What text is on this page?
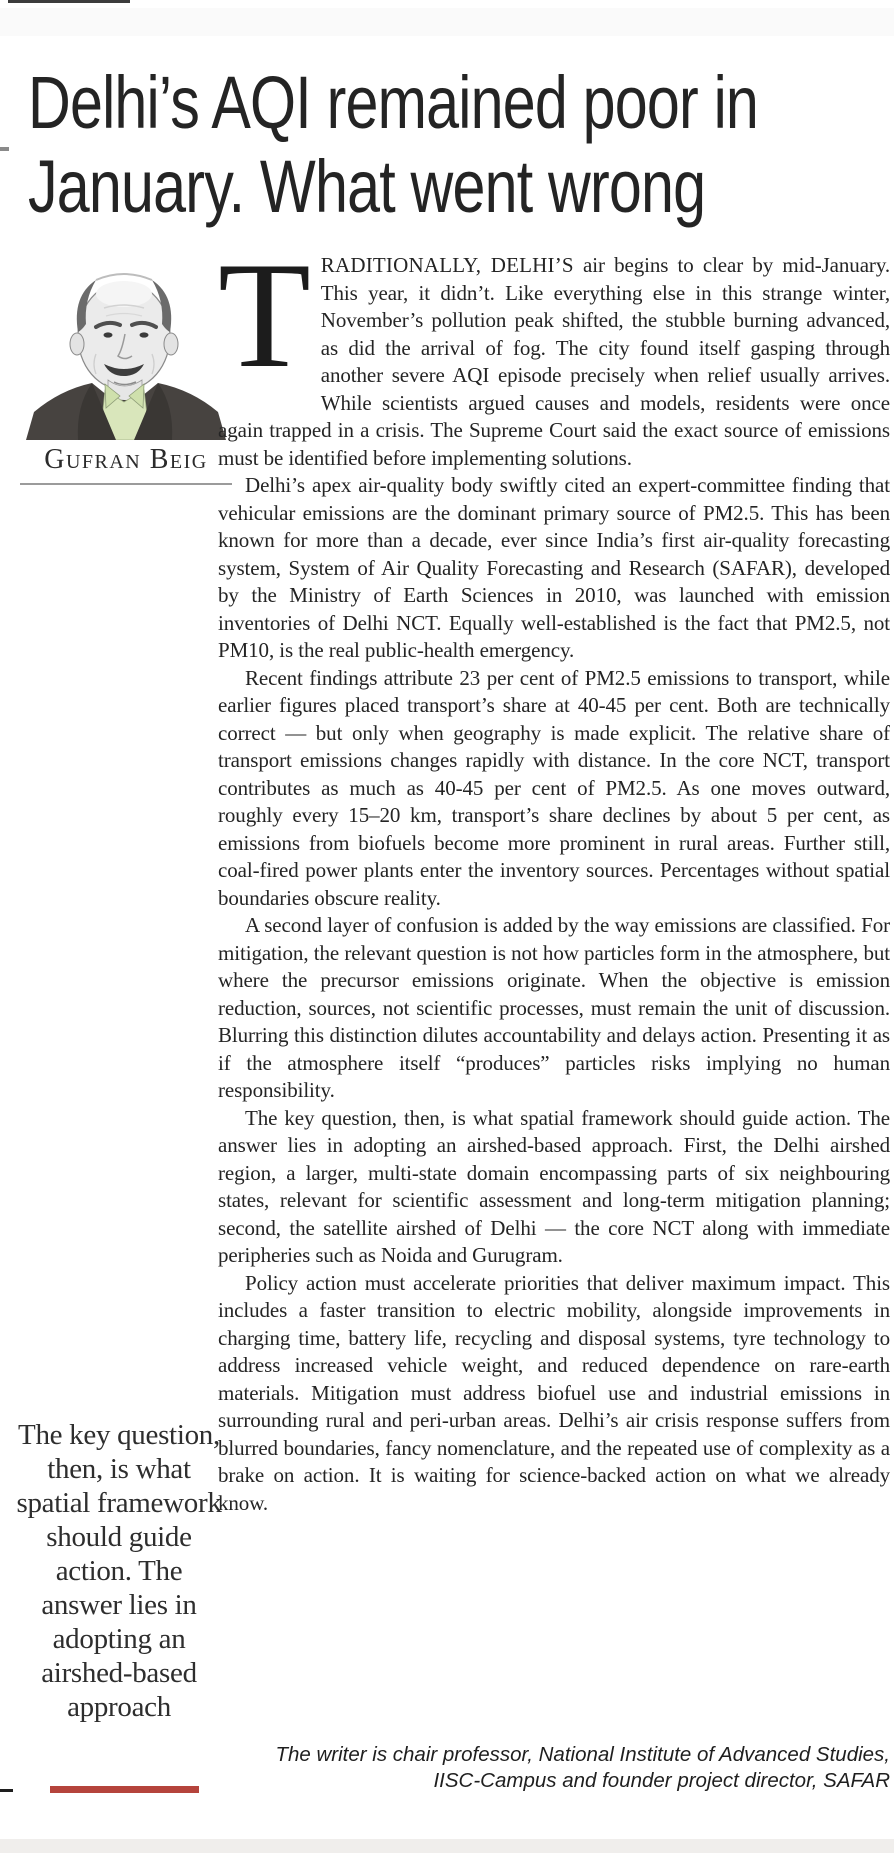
Delhi’s AQI remained poor in
January. What went wrong
Gufran Beig

TRADITIONALLY, DELHI’S air begins to clear by mid-January. This year, it didn’t. Like everything else in this strange winter, November’s pollution peak shifted, the stubble burning advanced, as did the arrival of fog. The city found itself gasping through another severe AQI episode precisely when relief usually arrives. While scientists argued causes and models, residents were once again trapped in a crisis. The Supreme Court said the exact source of emissions must be identified before implementing solutions.

Delhi’s apex air-quality body swiftly cited an expert-committee finding that vehicular emissions are the dominant primary source of PM2.5. This has been known for more than a decade, ever since India’s first air-quality forecasting system, System of Air Quality Forecasting and Research (SAFAR), developed by the Ministry of Earth Sciences in 2010, was launched with emission inventories of Delhi NCT. Equally well-established is the fact that PM2.5, not PM10, is the real public-health emergency.

Recent findings attribute 23 per cent of PM2.5 emissions to transport, while earlier figures placed transport’s share at 40-45 per cent. Both are technically correct — but only when geography is made explicit. The relative share of transport emissions changes rapidly with distance. In the core NCT, transport contributes as much as 40-45 per cent of PM2.5. As one moves outward, roughly every 15–20 km, transport’s share declines by about 5 per cent, as emissions from biofuels become more prominent in rural areas. Further still, coal-fired power plants enter the inventory sources. Percentages without spatial boundaries obscure reality.

A second layer of confusion is added by the way emissions are classified. For mitigation, the relevant question is not how particles form in the atmosphere, but where the precursor emissions originate. When the objective is emission reduction, sources, not scientific processes, must remain the unit of discussion. Blurring this distinction dilutes accountability and delays action. Presenting it as if the atmosphere itself “produces” particles risks implying no human responsibility.

The key question, then, is what spatial framework should guide action. The answer lies in adopting an airshed-based approach. First, the Delhi airshed region, a larger, multi-state domain encompassing parts of six neighbouring states, relevant for scientific assessment and long-term mitigation planning; second, the satellite airshed of Delhi — the core NCT along with immediate peripheries such as Noida and Gurugram.

Policy action must accelerate priorities that deliver maximum impact. This includes a faster transition to electric mobility, alongside improvements in charging time, battery life, recycling and disposal systems, tyre technology to address increased vehicle weight, and reduced dependence on rare-earth materials. Mitigation must address biofuel use and industrial emissions in surrounding rural and peri-urban areas. Delhi’s air crisis response suffers from blurred boundaries, fancy nomenclature, and the repeated use of complexity as a brake on action. It is waiting for science-backed action on what we already know.

The key question, then, is what spatial framework should guide action. The answer lies in adopting an airshed-based approach
The writer is chair professor, National Institute of Advanced Studies,
IISC-Campus and founder project director, SAFAR
